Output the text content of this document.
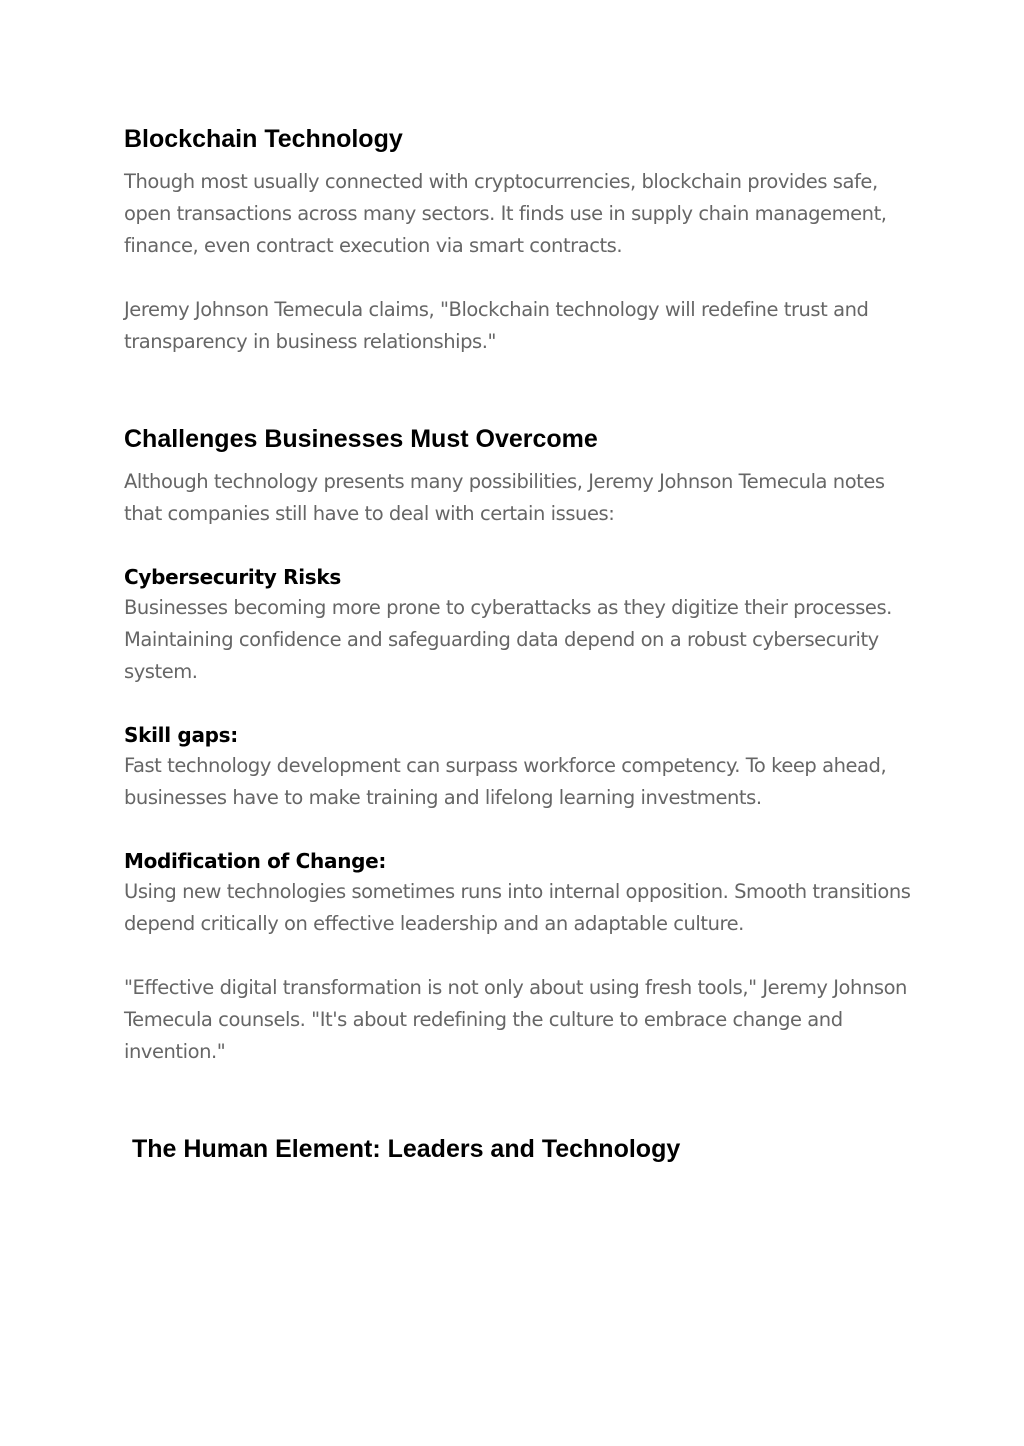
Blockchain Technology

Though most usually connected with cryptocurrencies, blockchain provides safe, open transactions across many sectors. It finds use in supply chain management, finance, even contract execution via smart contracts.

Jeremy Johnson Temecula claims, "Blockchain technology will redefine trust and transparency in business relationships."

Challenges Businesses Must Overcome

Although technology presents many possibilities, Jeremy Johnson Temecula notes that companies still have to deal with certain issues:

Cybersecurity Risks

Businesses becoming more prone to cyberattacks as they digitize their processes. Maintaining confidence and safeguarding data depend on a robust cybersecurity system.

Skill gaps:

Fast technology development can surpass workforce competency. To keep ahead, businesses have to make training and lifelong learning investments.

Modification of Change:

Using new technologies sometimes runs into internal opposition. Smooth transitions depend critically on effective leadership and an adaptable culture.

"Effective digital transformation is not only about using fresh tools," Jeremy Johnson Temecula counsels. "It's about redefining the culture to embrace change and invention."

The Human Element: Leaders and Technology
